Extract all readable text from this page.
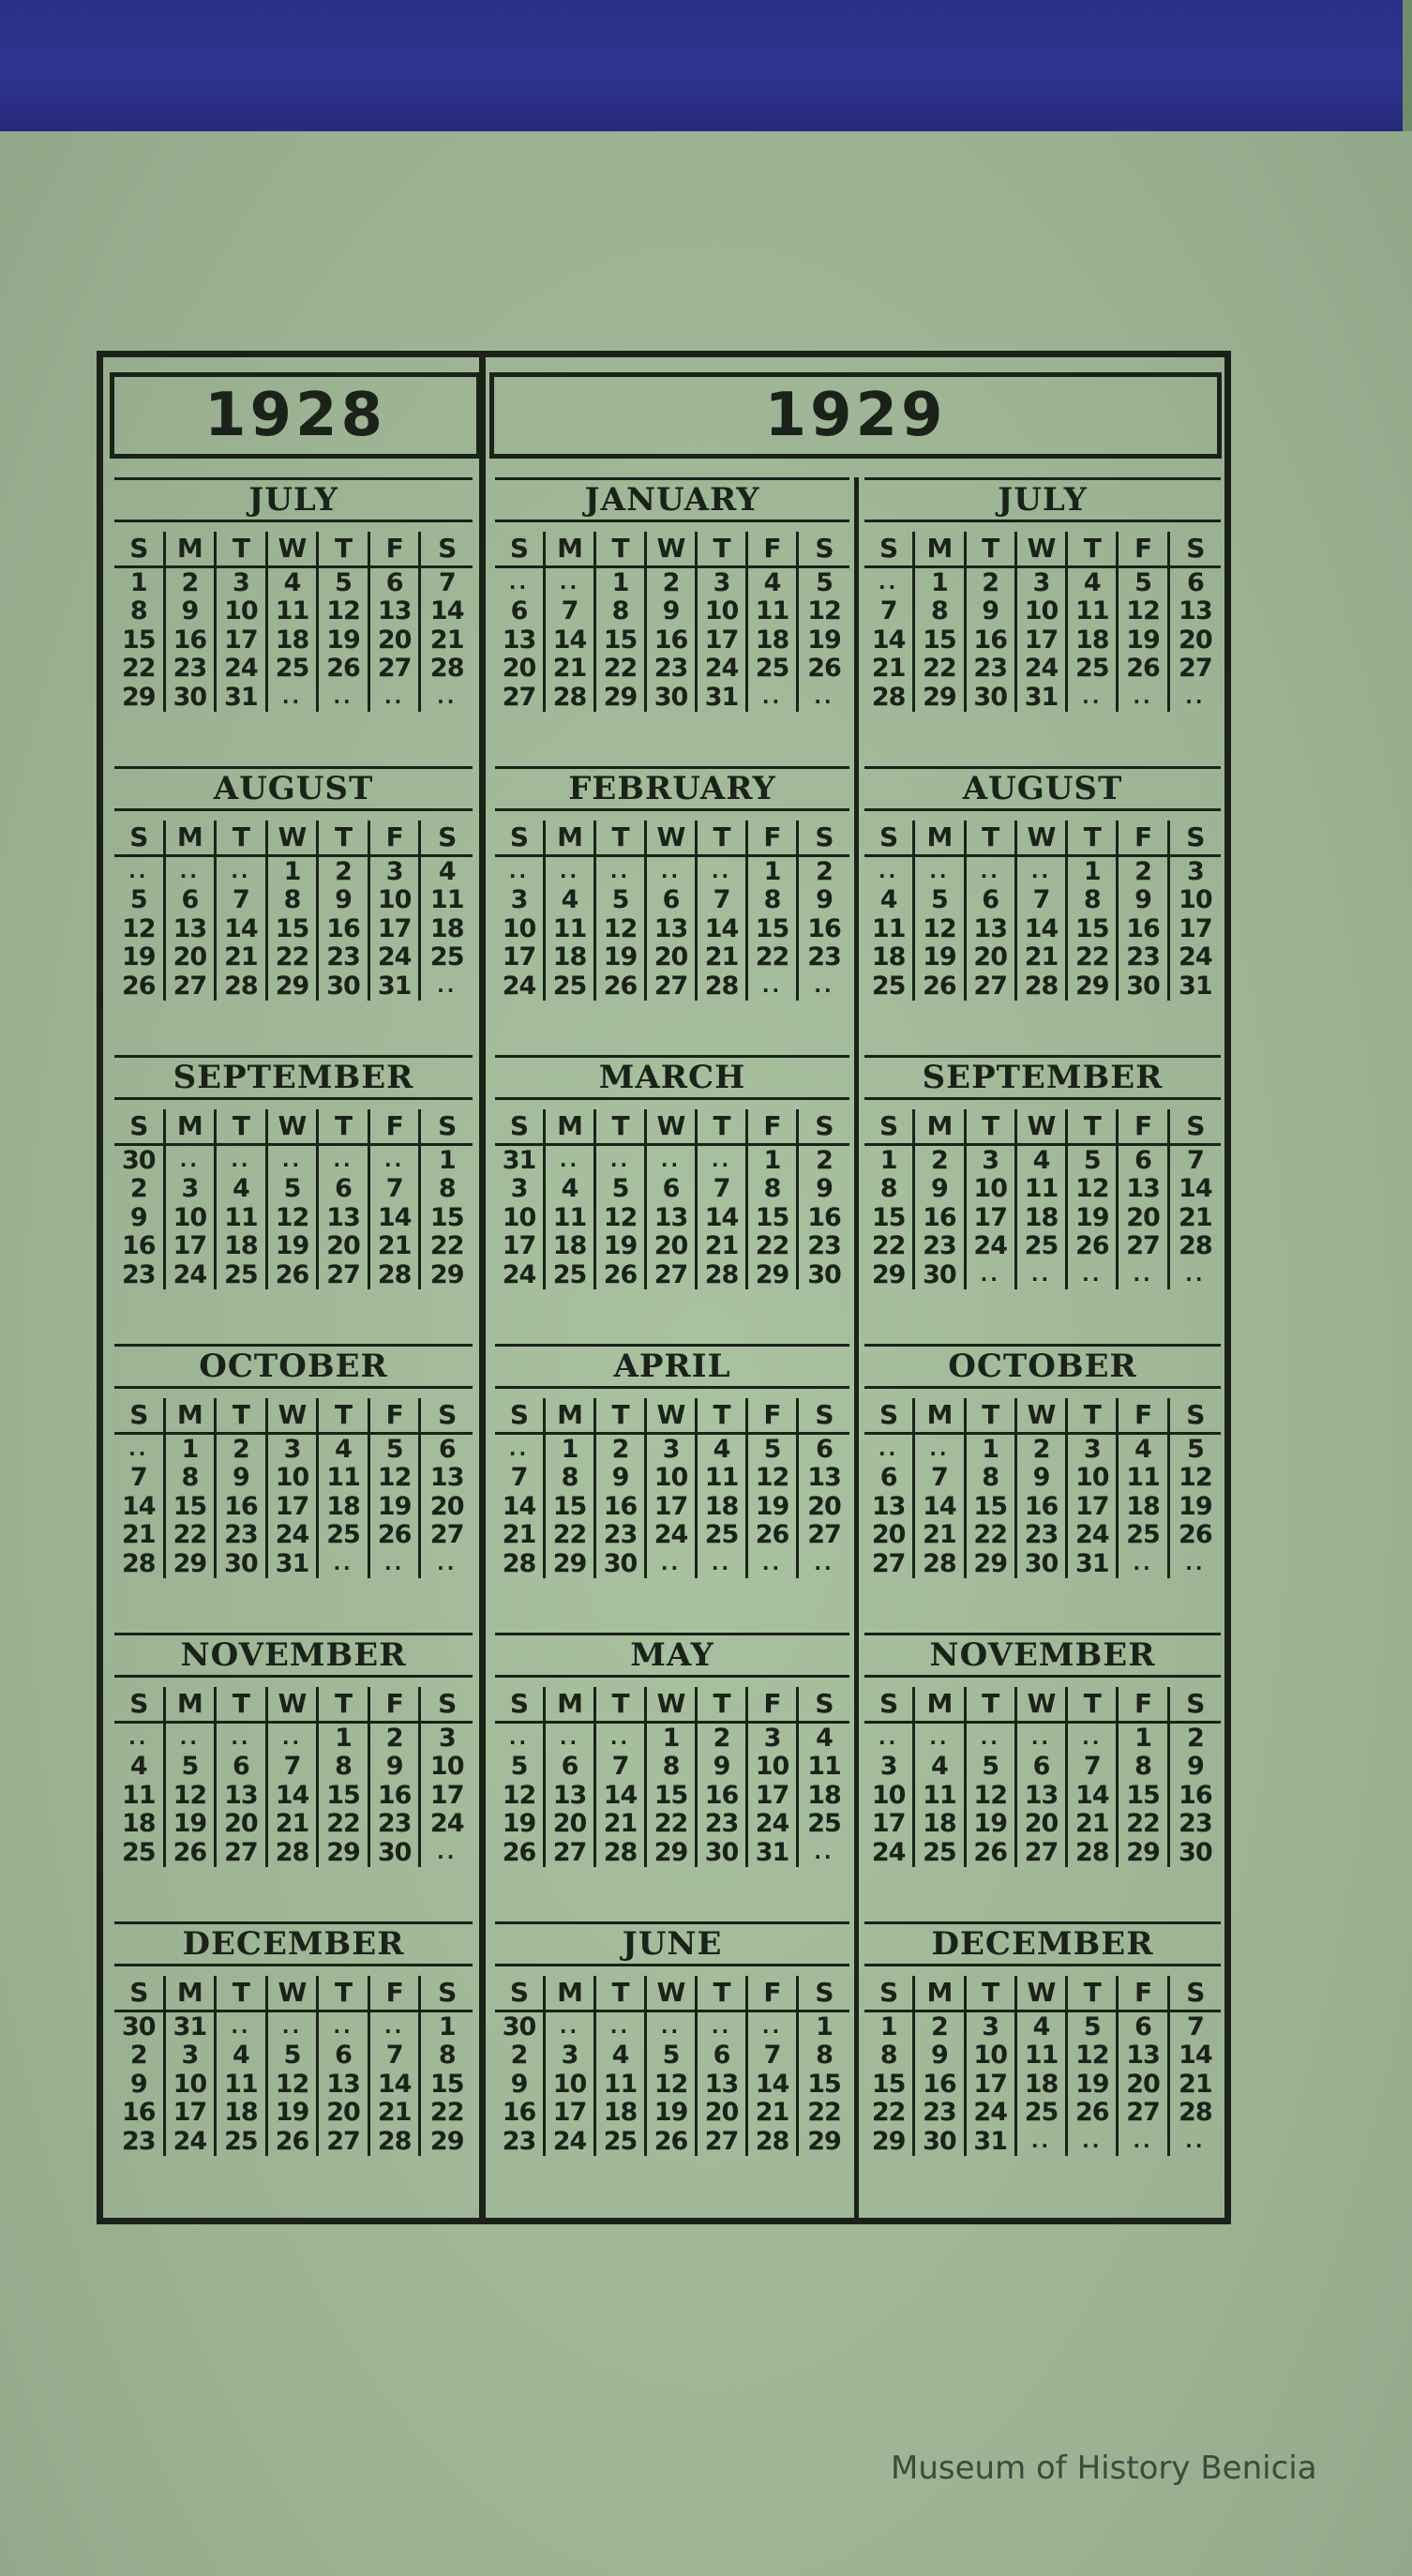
1928	1929
JULY
S	M	T	W	T	F	S
1	2	3	4	5	6	7
8	9	10 11 12 13 14
15 16 17 18 19 20 21
22 23 24 25 26 27 28
29 30 31	..	..	..	..
AUGUST
S	M	T	W	T	F	S
..	..	..	1	2	3	4
5	6	7	8	9	10 11
12 13 14 15 16 17 18
19 20 21 22 23 24 25
26 27 28 29 30 31	..
SEPTEMBER
S	M	T	W	T	F	S
30	..	..	..	..	..	1
2	3	4	5	6	7	8
9	10 11 12 13 14 15
16 17 18 19 20 21 22
23 24 25 26 27 28 29
OCTOBER
S	M	T	W	T	F	S
..	1	2	3	4	5	6
7	8	9	10 11 12 13
14 15 16 17 18 19 20
21 22 23 24 25 26 27
28 29 30 31	..	..	..
NOVEMBER
S	M	T	W	T	F	S
..	..	..	..	1	2	3
4	5	6	7	8	9	10
11 12 13 14 15 16 17
18 19 20 21 22 23 24
25 26 27 28 29 30	..
DECEMBER
S	M	T	W	T	F	S
30 31	..	..	..	..	1
2	3	4	5	6	7	8
9	10 11 12 13 14 15
16 17 18 19 20 21 22
23 24 25 26 27 28 29
JANUARY
S	M	T	W	T	F	S
..	..	1	2	3	4	5
6	7	8	9	10 11 12
13 14 15 16 17 18 19
20 21 22 23 24 25 26
27 28 29 30 31	..	..
FEBRUARY
S	M	T	W	T	F	S
..	..	..	..	..	1	2
3	4	5	6	7	8	9
10 11 12 13 14 15 16
17 18 19 20 21 22 23
24 25 26 27 28	..	..
MARCH
S	M	T	W	T	F	S
31	..	..	..	..	1	2
3	4	5	6	7	8	9
10 11 12 13 14 15 16
17 18 19 20 21 22 23
24 25 26 27 28 29 30
APRIL
S	M	T	W	T	F	S
..	1	2	3	4	5	6
7	8	9	10 11 12 13
14 15 16 17 18 19 20
21 22 23 24 25 26 27
28 29 30	..	..	..	..
MAY
S	M	T	W	T	F	S
..	..	..	1	2	3	4
5	6	7	8	9	10 11
12 13 14 15 16 17 18
19 20 21 22 23 24 25
26 27 28 29 30 31	..
JUNE
S	M	T	W	T	F	S
30	..	..	..	..	..	1
2	3	4	5	6	7	8
9	10 11 12 13 14 15
16 17 18 19 20 21 22
23 24 25 26 27 28 29
JULY
S	M	T	W	T	F	S
..	1	2	3	4	5	6
7	8	9	10 11 12 13
14 15 16 17 18 19 20
21 22 23 24 25 26 27
28 29 30 31	..	..	..
AUGUST
S	M	T	W	T	F	S
..	..	..	..	1	2	3
4	5	6	7	8	9	10
11 12 13 14 15 16 17
18 19 20 21 22 23 24
25 26 27 28 29 30 31
SEPTEMBER
S	M	T	W	T	F	S
1	2	3	4	5	6	7
8	9	10 11 12 13 14
15 16 17 18 19 20 21
22 23 24 25 26 27 28
29 30	..	..	..	..	..
OCTOBER
S	M	T	W	T	F	S
..	..	1	2	3	4	5
6	7	8	9	10 11 12
13 14 15 16 17 18 19
20 21 22 23 24 25 26
27 28 29 30 31	..	..
NOVEMBER
S	M	T	W	T	F	S
..	..	..	..	..	1	2
3	4	5	6	7	8	9
10 11 12 13 14 15 16
17 18 19 20 21 22 23
24 25 26 27 28 29 30
DECEMBER
S	M	T	W	T	F	S
1	2	3	4	5	6	7
8	9	10 11 12 13 14
15 16 17 18 19 20 21
22 23 24 25 26 27 28
29 30 31	..	..	..	..
Museum of History Benicia
